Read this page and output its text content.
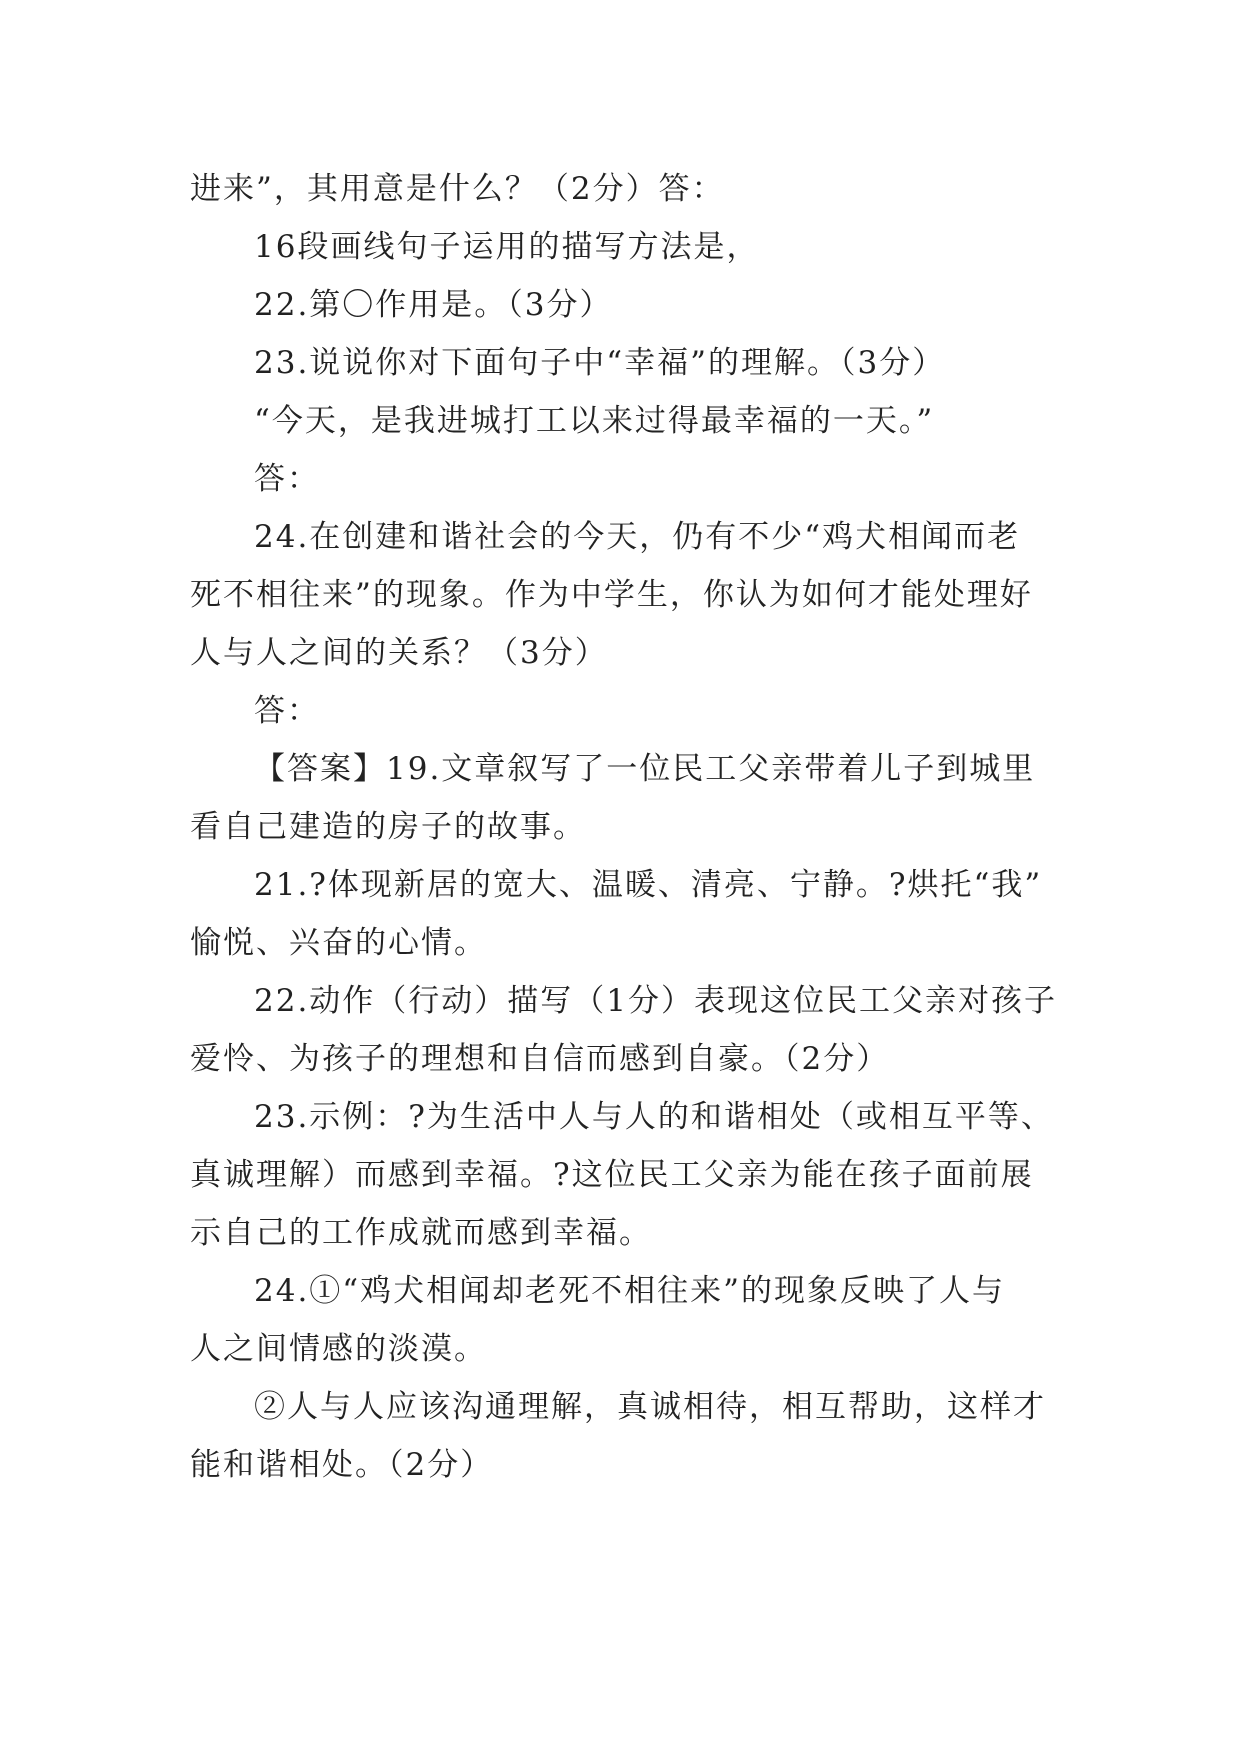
进来”，其用意是什么？（2分）答：
16段画线句子运用的描写方法是，
22.第〇作用是。（3分）
23.说说你对下面句子中“幸福”的理解。（3分）
“今天，是我进城打工以来过得最幸福的一天。”
答：
24.在创建和谐社会的今天，仍有不少“鸡犬相闻而老
死不相往来”的现象。作为中学生，你认为如何才能处理好
人与人之间的关系？（3分）
答：
【答案】19.文章叙写了一位民工父亲带着儿子到城里
看自己建造的房子的故事。
21.?体现新居的宽大、温暖、清亮、宁静。?烘托“我”
愉悦、兴奋的心情。
22.动作（行动）描写（1分）表现这位民工父亲对孩子
爱怜、为孩子的理想和自信而感到自豪。（2分）
23.示例：?为生活中人与人的和谐相处（或相互平等、
真诚理解）而感到幸福。?这位民工父亲为能在孩子面前展
示自己的工作成就而感到幸福。
24.①“鸡犬相闻却老死不相往来”的现象反映了人与
人之间情感的淡漠。
②人与人应该沟通理解，真诚相待，相互帮助，这样才
能和谐相处。（2分）
